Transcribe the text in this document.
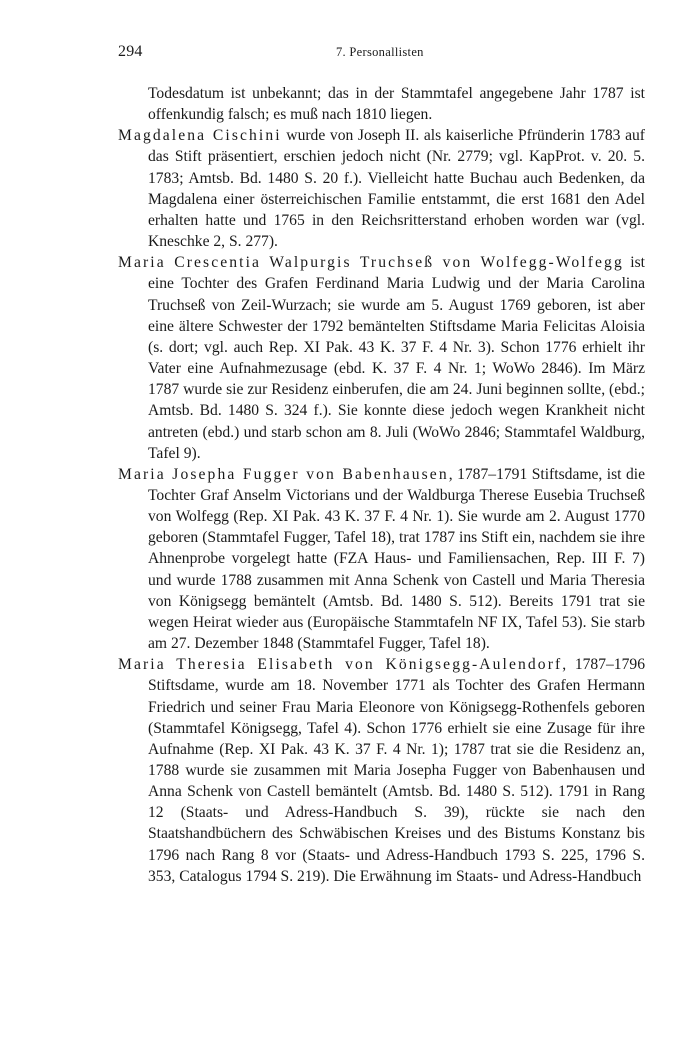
294	7. Personallisten

Todesdatum ist unbekannt; das in der Stammtafel angegebene Jahr 1787 ist offenkundig falsch; es muß nach 1810 liegen.

Magdalena Cischini wurde von Joseph II. als kaiserliche Pfründerin 1783 auf das Stift präsentiert, erschien jedoch nicht (Nr. 2779; vgl. KapProt. v. 20. 5. 1783; Amtsb. Bd. 1480 S. 20 f.). Vielleicht hatte Buchau auch Bedenken, da Magdalena einer österreichischen Familie entstammt, die erst 1681 den Adel erhalten hatte und 1765 in den Reichsritterstand erhoben worden war (vgl. Kneschke 2, S. 277).

Maria Crescentia Walpurgis Truchseß von Wolfegg-Wolfegg ist eine Tochter des Grafen Ferdinand Maria Ludwig und der Maria Carolina Truchseß von Zeil-Wurzach; sie wurde am 5. August 1769 geboren, ist aber eine ältere Schwester der 1792 bemäntelten Stiftsdame Maria Felicitas Aloisia (s. dort; vgl. auch Rep. XI Pak. 43 K. 37 F. 4 Nr. 3). Schon 1776 erhielt ihr Vater eine Aufnahmezusage (ebd. K. 37 F. 4 Nr. 1; WoWo 2846). Im März 1787 wurde sie zur Residenz einberufen, die am 24. Juni beginnen sollte, (ebd.; Amtsb. Bd. 1480 S. 324 f.). Sie konnte diese jedoch wegen Krankheit nicht antreten (ebd.) und starb schon am 8. Juli (WoWo 2846; Stammtafel Waldburg, Tafel 9).

Maria Josepha Fugger von Babenhausen, 1787–1791 Stiftsdame, ist die Tochter Graf Anselm Victorians und der Waldburga Therese Eusebia Truchseß von Wolfegg (Rep. XI Pak. 43 K. 37 F. 4 Nr. 1). Sie wurde am 2. August 1770 geboren (Stammtafel Fugger, Tafel 18), trat 1787 ins Stift ein, nachdem sie ihre Ahnenprobe vorgelegt hatte (FZA Haus- und Familiensachen, Rep. III F. 7) und wurde 1788 zusammen mit Anna Schenk von Castell und Maria Theresia von Königsegg bemäntelt (Amtsb. Bd. 1480 S. 512). Bereits 1791 trat sie wegen Heirat wieder aus (Europäische Stammtafeln NF IX, Tafel 53). Sie starb am 27. Dezember 1848 (Stammtafel Fugger, Tafel 18).

Maria Theresia Elisabeth von Königsegg-Aulendorf, 1787–1796 Stiftsdame, wurde am 18. November 1771 als Tochter des Grafen Hermann Friedrich und seiner Frau Maria Eleonore von Königsegg-Rothenfels geboren (Stammtafel Königsegg, Tafel 4). Schon 1776 erhielt sie eine Zusage für ihre Aufnahme (Rep. XI Pak. 43 K. 37 F. 4 Nr. 1); 1787 trat sie die Residenz an, 1788 wurde sie zusammen mit Maria Josepha Fugger von Babenhausen und Anna Schenk von Castell bemäntelt (Amtsb. Bd. 1480 S. 512). 1791 in Rang 12 (Staats- und Adress-Handbuch S. 39), rückte sie nach den Staatshandbüchern des Schwäbischen Kreises und des Bistums Konstanz bis 1796 nach Rang 8 vor (Staats- und Adress-Handbuch 1793 S. 225, 1796 S. 353, Catalogus 1794 S. 219). Die Erwähnung im Staats- und Adress-Handbuch
